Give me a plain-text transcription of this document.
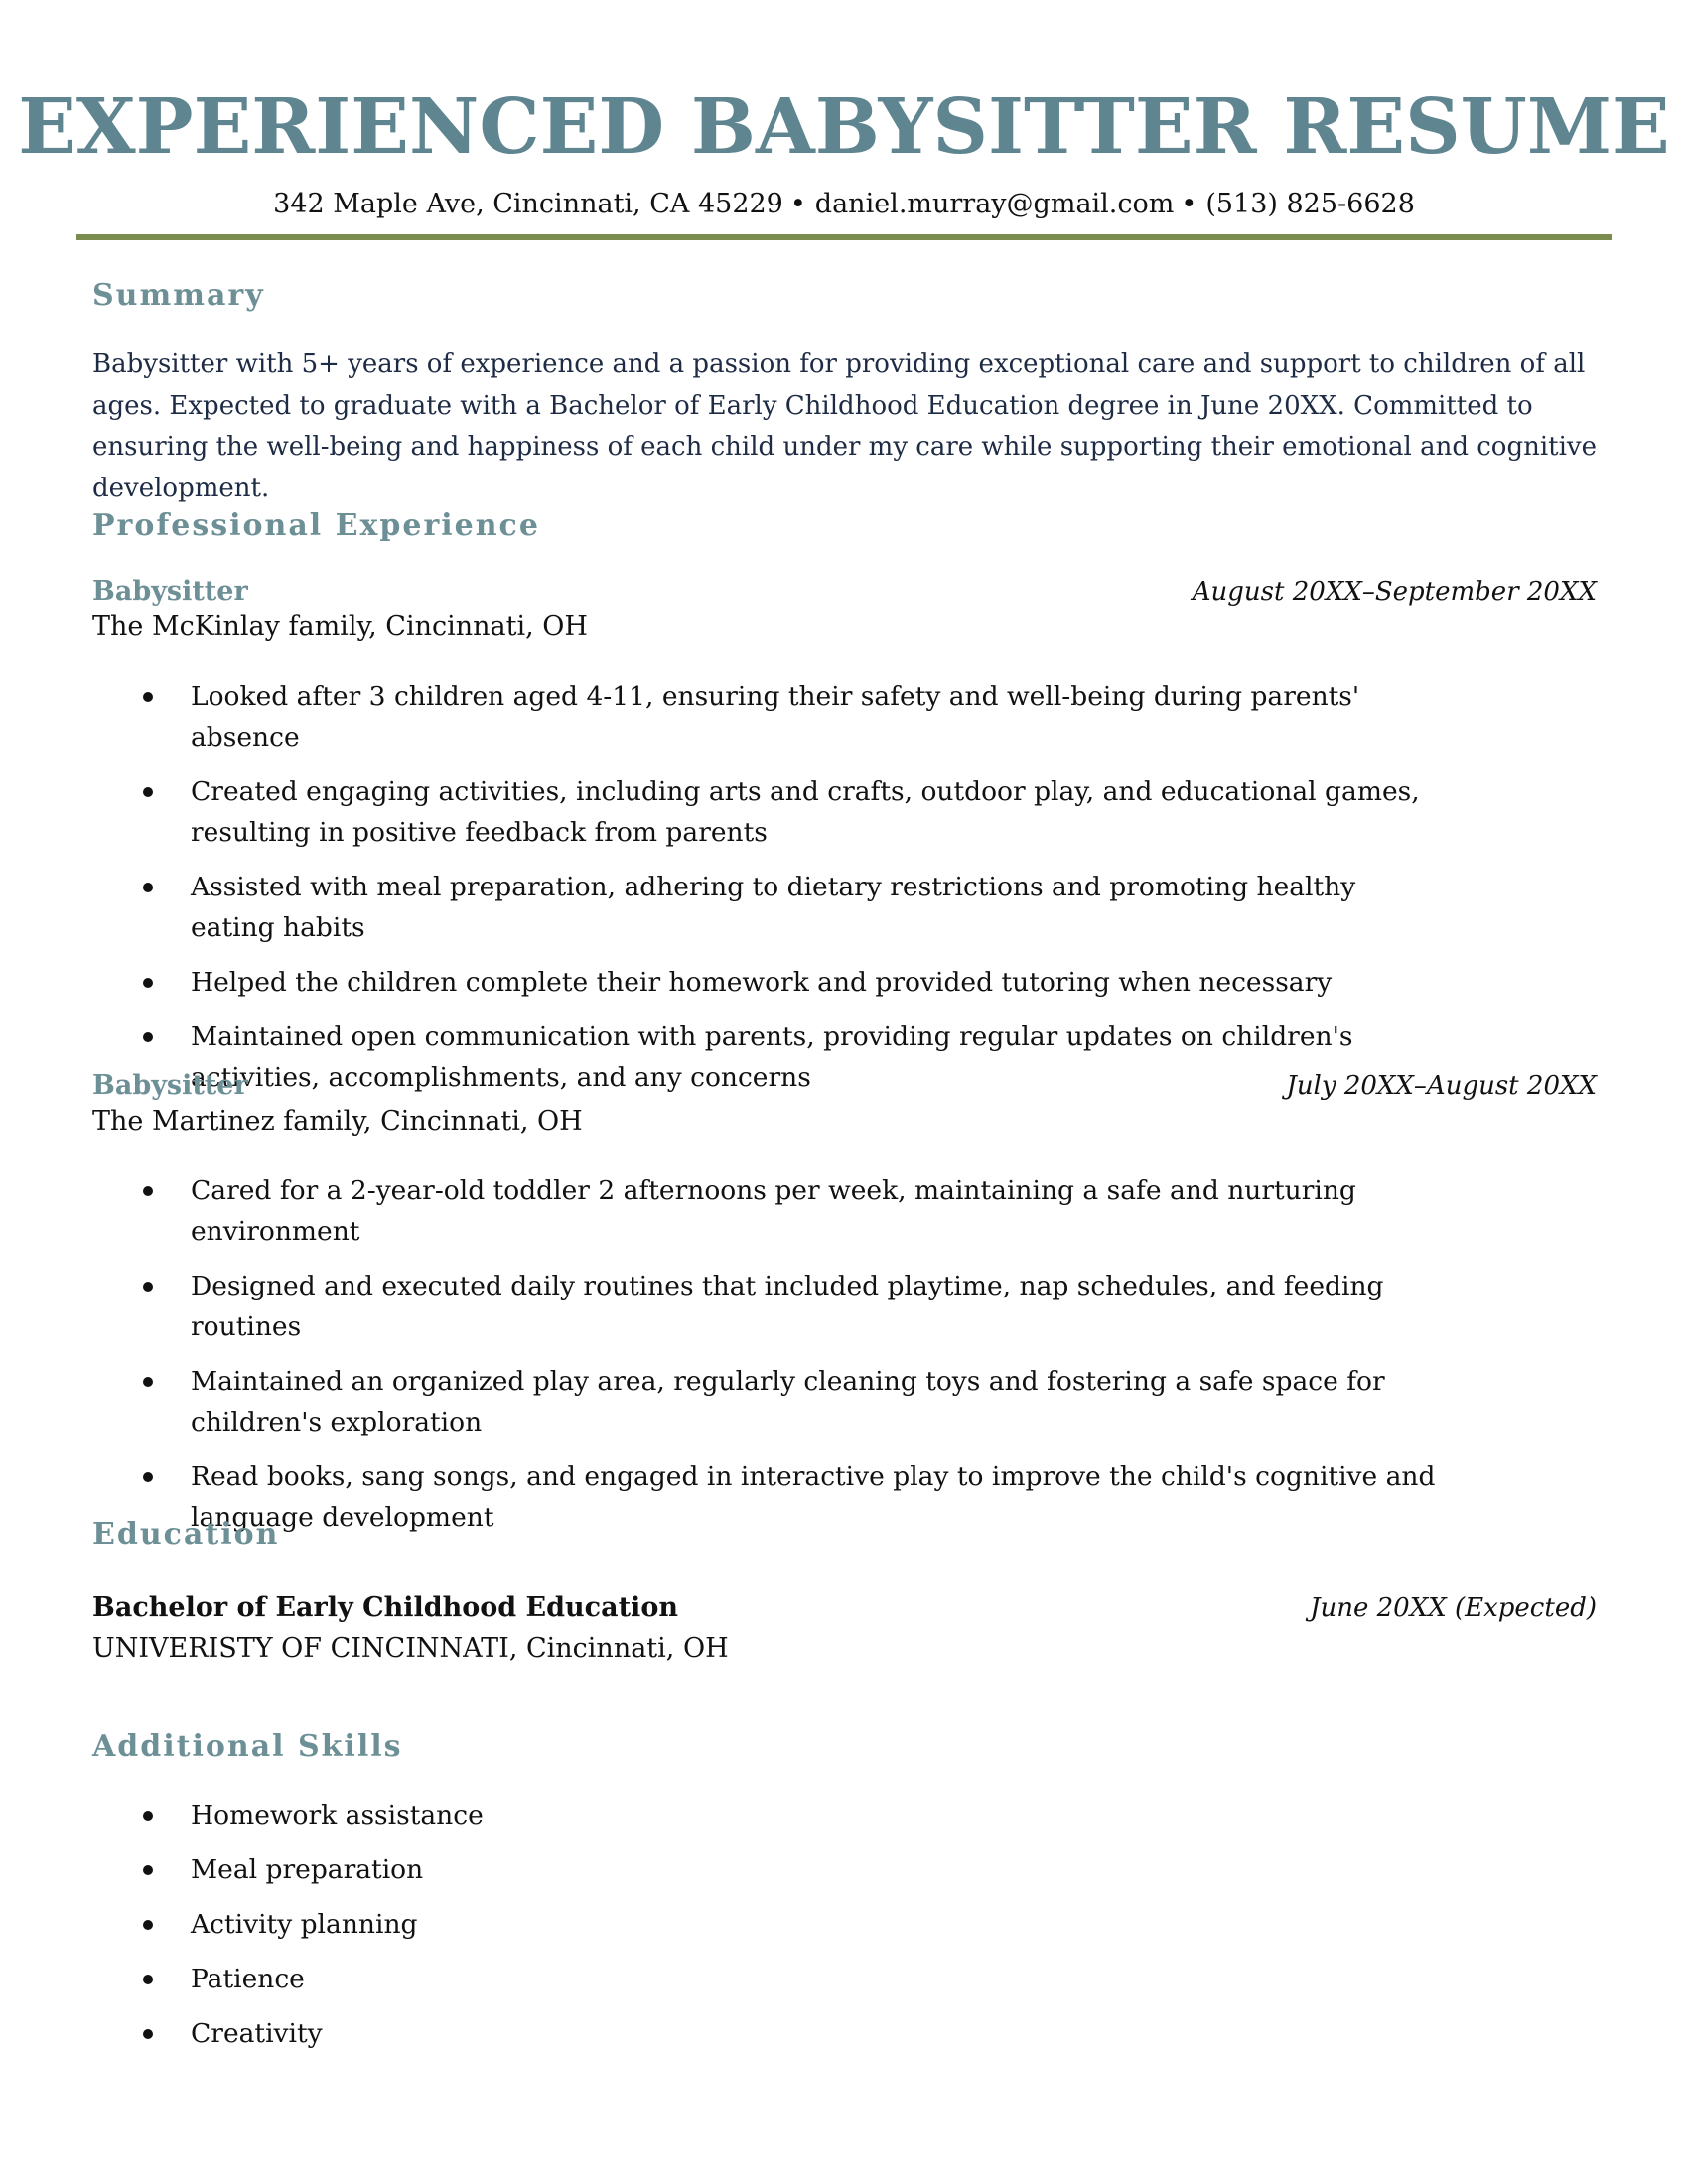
EXPERIENCED BABYSITTER RESUME
342 Maple Ave, Cincinnati, CA 45229 • daniel.murray@gmail.com • (513) 825-6628
Summary
Babysitter with 5+ years of experience and a passion for providing exceptional care and support to children of all ages. Expected to graduate with a Bachelor of Early Childhood Education degree in June 20XX. Committed to ensuring the well-being and happiness of each child under my care while supporting their emotional and cognitive development.
Professional Experience
Babysitter	August 20XX–September 20XX
The McKinlay family, Cincinnati, OH
Looked after 3 children aged 4-11, ensuring their safety and well-being during parents' absence
Created engaging activities, including arts and crafts, outdoor play, and educational games, resulting in positive feedback from parents
Assisted with meal preparation, adhering to dietary restrictions and promoting healthy eating habits
Helped the children complete their homework and provided tutoring when necessary
Maintained open communication with parents, providing regular updates on children's activities, accomplishments, and any concerns
Babysitter	July 20XX–August 20XX
The Martinez family, Cincinnati, OH
Cared for a 2-year-old toddler 2 afternoons per week, maintaining a safe and nurturing environment
Designed and executed daily routines that included playtime, nap schedules, and feeding routines
Maintained an organized play area, regularly cleaning toys and fostering a safe space for children's exploration
Read books, sang songs, and engaged in interactive play to improve the child's cognitive and language development
Education
Bachelor of Early Childhood Education	June 20XX (Expected)
UNIVERISTY OF CINCINNATI, Cincinnati, OH
Additional Skills
Homework assistance
Meal preparation
Activity planning
Patience
Creativity
